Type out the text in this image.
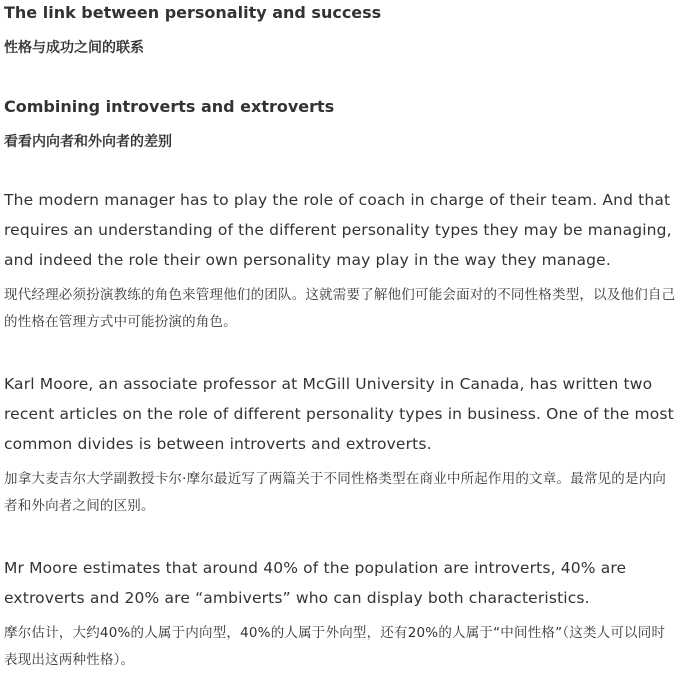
The link between personality and success
性格与成功之间的联系
Combining introverts and extroverts
看看内向者和外向者的差别
The modern manager has to play the role of coach in charge of their team. And that requires an understanding of the different personality types they may be managing, and indeed the role their own personality may play in the way they manage.
现代经理必须扮演教练的角色来管理他们的团队。这就需要了解他们可能会面对的不同性格类型，以及他们自己的性格在管理方式中可能扮演的角色。
Karl Moore, an associate professor at McGill University in Canada, has written two recent articles on the role of different personality types in business. One of the most common divides is between introverts and extroverts.
加拿大麦吉尔大学副教授卡尔·摩尔最近写了两篇关于不同性格类型在商业中所起作用的文章。最常见的是内向者和外向者之间的区别。
Mr Moore estimates that around 40% of the population are introverts, 40% are extroverts and 20% are “ambiverts” who can display both characteristics.
摩尔估计，大约40%的人属于内向型，40%的人属于外向型，还有20%的人属于“中间性格”（这类人可以同时表现出这两种性格）。
